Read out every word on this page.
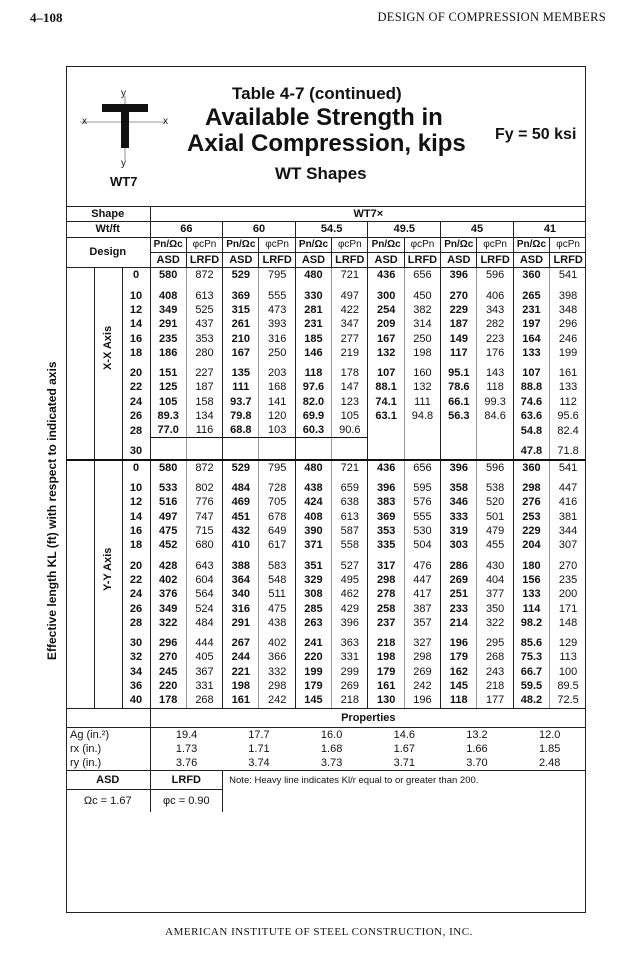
4–108	DESIGN OF COMPRESSION MEMBERS
y
y
x	x
WT7
Table 4-7 (continued)
Available Strength in
Axial Compression, kips
WT Shapes
Fy = 50 ksi
Effective length KL (ft) with respect to indicated axis
Shape			WT7×											
Wt/ft			66		60		54.5		49.5		45		41	
Design			Pn/Ωc	φcPn	Pn/Ωc	φcPn	Pn/Ωc	φcPn	Pn/Ωc	φcPn	Pn/Ωc	φcPn	Pn/Ωc	φcPn
			ASD	LRFD	ASD	LRFD	ASD	LRFD	ASD	LRFD	ASD	LRFD	ASD	LRFD

	X-X Axis	0	580	872	529	795	480	721	436	656	396	596	360	541
		10	408	613	369	555	330	497	300	450	270	406	265	398
		12	349	525	315	473	281	422	254	382	229	343	231	348
		14	291	437	261	393	231	347	209	314	187	282	197	296
		16	235	353	210	316	185	277	167	250	149	223	164	246
		18	186	280	167	250	146	219	132	198	117	176	133	199
		20	151	227	135	203	118	178	107	160	95.1	143	107	161
		22	125	187	111	168	97.6	147	88.1	132	78.6	118	88.8	133
		24	105	158	93.7	141	82.0	123	74.1	111	66.1	99.3	74.6	112
		26	89.3	134	79.8	120	69.9	105	63.1	94.8	56.3	84.6	63.6	95.6
		28	77.0	116	68.8	103	60.3	90.6					54.8	82.4
		30											47.8	71.8

	Y-Y Axis	0	580	872	529	795	480	721	436	656	396	596	360	541
		10	533	802	484	728	438	659	396	595	358	538	298	447
		12	516	776	469	705	424	638	383	576	346	520	276	416
		14	497	747	451	678	408	613	369	555	333	501	253	381
		16	475	715	432	649	390	587	353	530	319	479	229	344
		18	452	680	410	617	371	558	335	504	303	455	204	307
		20	428	643	388	583	351	527	317	476	286	430	180	270
		22	402	604	364	548	329	495	298	447	269	404	156	235
		24	376	564	340	511	308	462	278	417	251	377	133	200
		26	349	524	316	475	285	429	258	387	233	350	114	171
		28	322	484	291	438	263	396	237	357	214	322	98.2	148
		30	296	444	267	402	241	363	218	327	196	295	85.6	129
		32	270	405	244	366	220	331	198	298	179	268	75.3	113
		34	245	367	221	332	199	299	179	269	162	243	66.7	100
		36	220	331	198	298	179	269	161	242	145	218	59.5	89.5
		40	178	268	161	242	145	218	130	196	118	177	48.2	72.5
			Properties											
Ag (in.²)			19.4		17.7		16.0		14.6		13.2		12.0	
rx (in.)			1.73		1.71		1.68		1.67		1.66		1.85	
ry (in.)			3.76		3.74		3.73		3.71		3.70		2.48	
ASD			LRFD		Note: Heavy line indicates Kl/r equal to or greater than 200.									
Ωc = 1.67			φc = 0.90											
AMERICAN INSTITUTE OF STEEL CONSTRUCTION, INC.
